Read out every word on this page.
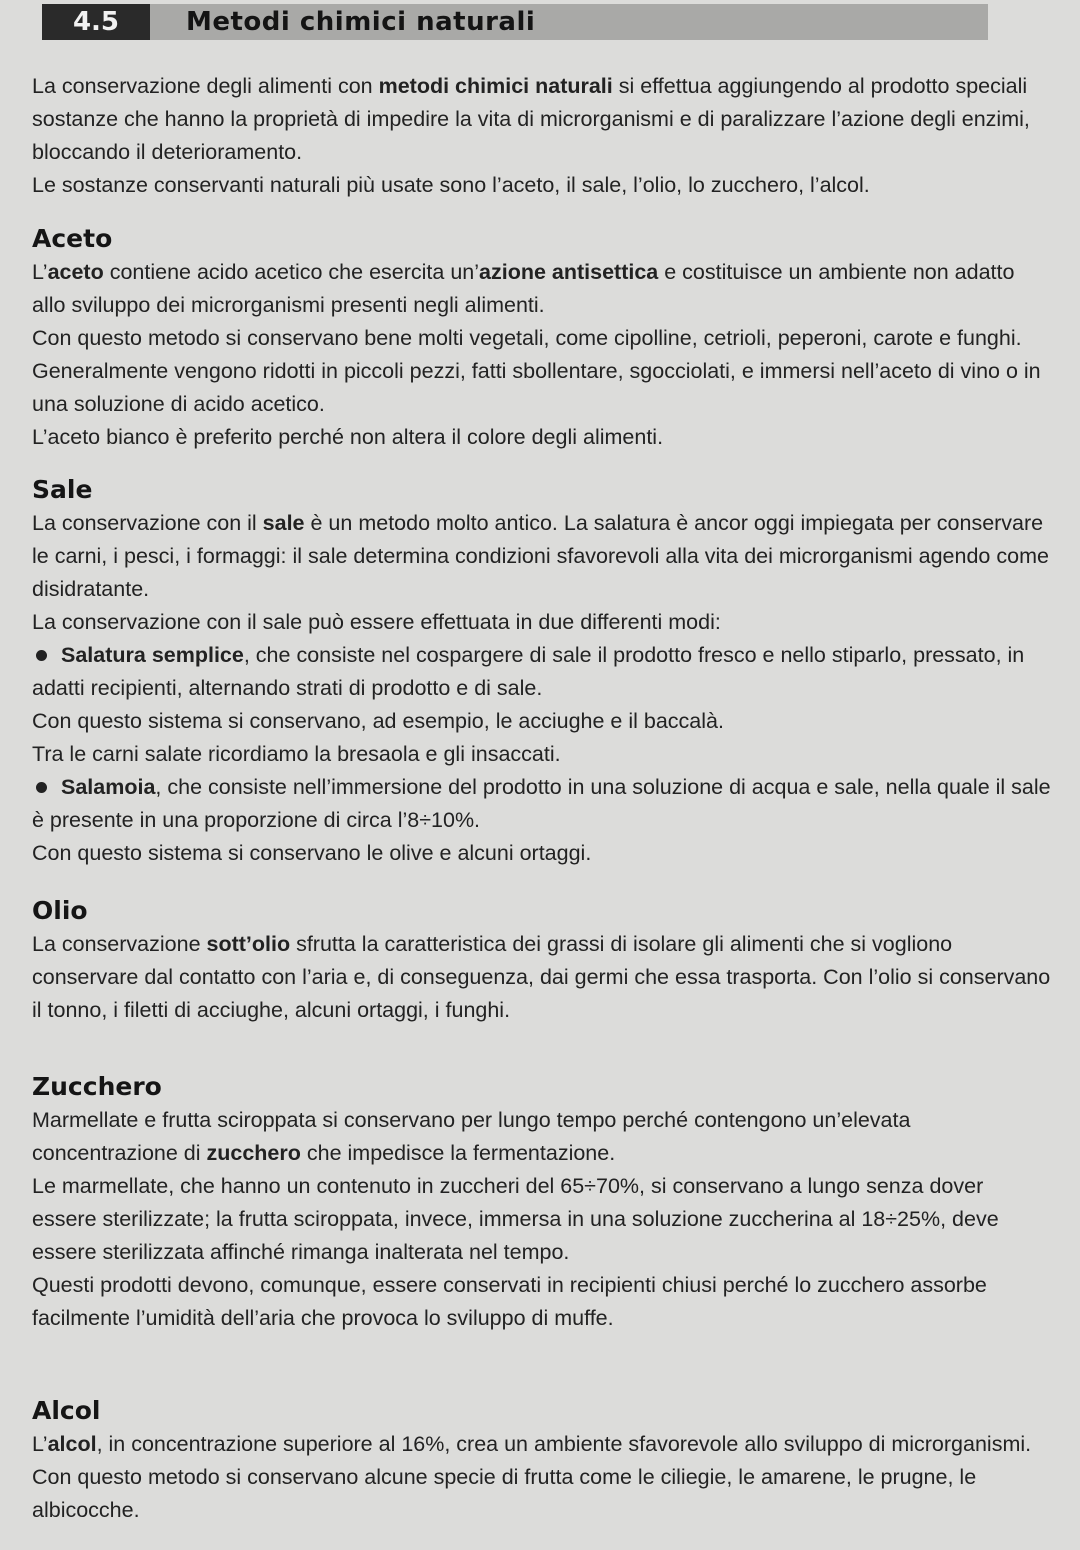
4.5	Metodi chimici naturali

La conservazione degli alimenti con metodi chimici naturali si effettua aggiungendo al prodotto speciali sostanze che hanno la proprietà di impedire la vita di microrganismi e di paralizzare l’azione degli enzimi, bloccando il deterioramento.

Le sostanze conservanti naturali più usate sono l’aceto, il sale, l’olio, lo zucchero, l’alcol.

Aceto

L’aceto contiene acido acetico che esercita un’azione antisettica e costituisce un ambiente non adatto allo sviluppo dei microrganismi presenti negli alimenti.

Con questo metodo si conservano bene molti vegetali, come cipolline, cetrioli, peperoni, carote e funghi. Generalmente vengono ridotti in piccoli pezzi, fatti sbollentare, sgocciolati, e immersi nell’aceto di vino o in una soluzione di acido acetico.

L’aceto bianco è preferito perché non altera il colore degli alimenti.

Sale

La conservazione con il sale è un metodo molto antico. La salatura è ancor oggi impiegata per conservare le carni, i pesci, i formaggi: il sale determina condizioni sfavorevoli alla vita dei microrganismi agendo come disidratante.

La conservazione con il sale può essere effettuata in due differenti modi:

Salatura semplice, che consiste nel cospargere di sale il prodotto fresco e nello stiparlo, pressato, in adatti recipienti, alternando strati di prodotto e di sale.

Con questo sistema si conservano, ad esempio, le acciughe e il baccalà.

Tra le carni salate ricordiamo la bresaola e gli insaccati.

Salamoia, che consiste nell’immersione del prodotto in una soluzione di acqua e sale, nella quale il sale è presente in una proporzione di circa l’8÷10%.

Con questo sistema si conservano le olive e alcuni ortaggi.

Olio

La conservazione sott’olio sfrutta la caratteristica dei grassi di isolare gli alimenti che si vogliono conservare dal contatto con l’aria e, di conseguenza, dai germi che essa trasporta. Con l’olio si conservano il tonno, i filetti di acciughe, alcuni ortaggi, i funghi.

Zucchero

Marmellate e frutta sciroppata si conservano per lungo tempo perché contengono un’elevata concentrazione di zucchero che impedisce la fermentazione.

Le marmellate, che hanno un contenuto in zuccheri del 65÷70%, si conservano a lungo senza dover essere sterilizzate; la frutta sciroppata, invece, immersa in una soluzione zuccherina al 18÷25%, deve essere sterilizzata affinché rimanga inalterata nel tempo.

Questi prodotti devono, comunque, essere conservati in recipienti chiusi perché lo zucchero assorbe facilmente l’umidità dell’aria che provoca lo sviluppo di muffe.

Alcol

L’alcol, in concentrazione superiore al 16%, crea un ambiente sfavorevole allo sviluppo di microrganismi. Con questo metodo si conservano alcune specie di frutta come le ciliegie, le amarene, le prugne, le albicocche.
